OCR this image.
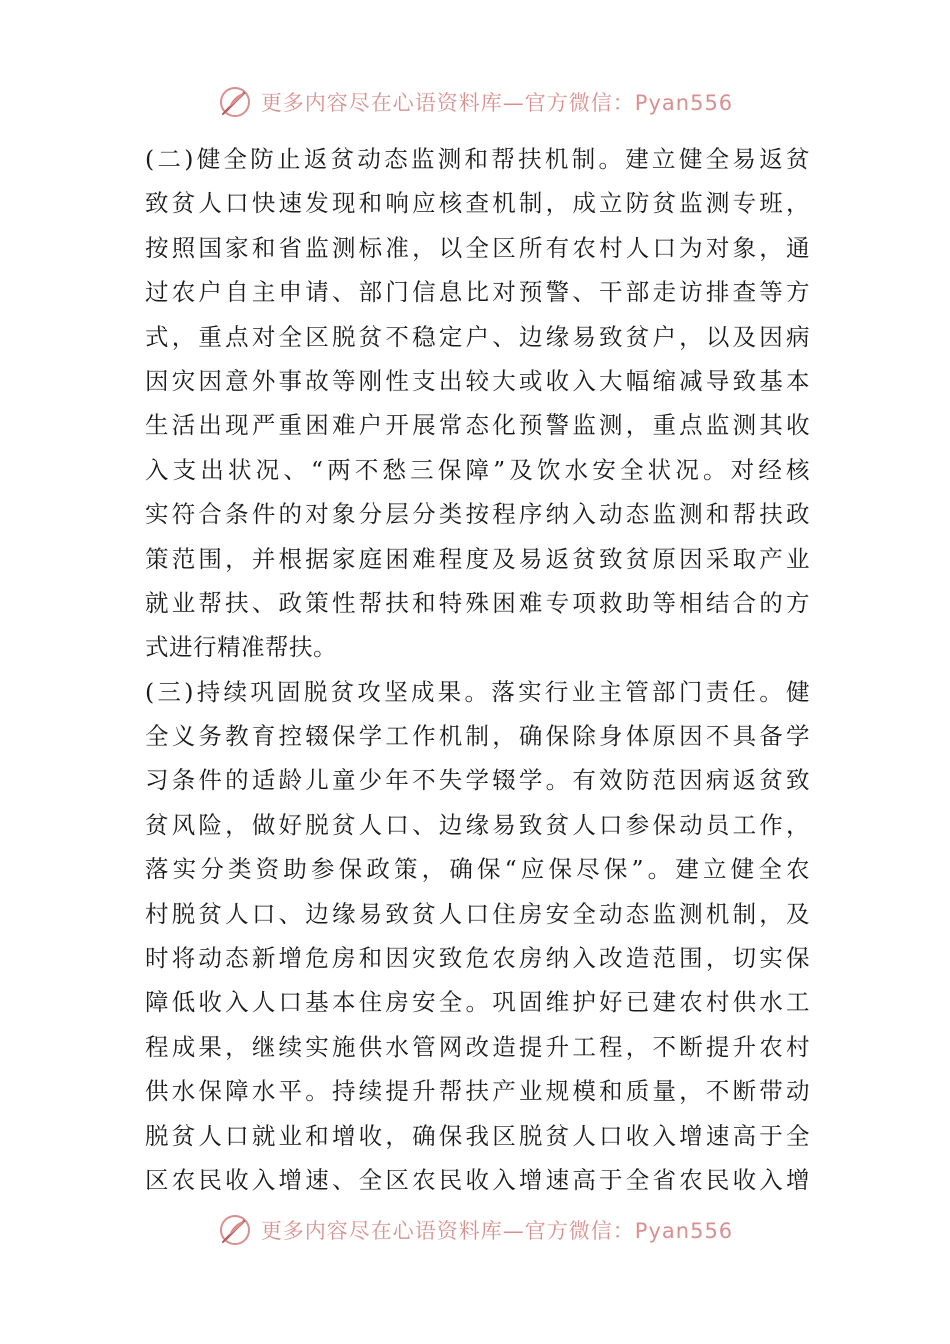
更多内容尽在心语资料库—官方微信：Pyan556
(二)健全防止返贫动态监测和帮扶机制。建立健全易返贫
致贫人口快速发现和响应核查机制，成立防贫监测专班，
按照国家和省监测标准，以全区所有农村人口为对象，通
过农户自主申请、部门信息比对预警、干部走访排查等方
式，重点对全区脱贫不稳定户、边缘易致贫户，以及因病
因灾因意外事故等刚性支出较大或收入大幅缩减导致基本
生活出现严重困难户开展常态化预警监测，重点监测其收
入支出状况、“两不愁三保障”及饮水安全状况。对经核
实符合条件的对象分层分类按程序纳入动态监测和帮扶政
策范围，并根据家庭困难程度及易返贫致贫原因采取产业
就业帮扶、政策性帮扶和特殊困难专项救助等相结合的方
式进行精准帮扶。
(三)持续巩固脱贫攻坚成果。落实行业主管部门责任。健
全义务教育控辍保学工作机制，确保除身体原因不具备学
习条件的适龄儿童少年不失学辍学。有效防范因病返贫致
贫风险，做好脱贫人口、边缘易致贫人口参保动员工作，
落实分类资助参保政策，确保“应保尽保”。建立健全农
村脱贫人口、边缘易致贫人口住房安全动态监测机制，及
时将动态新增危房和因灾致危农房纳入改造范围，切实保
障低收入人口基本住房安全。巩固维护好已建农村供水工
程成果，继续实施供水管网改造提升工程，不断提升农村
供水保障水平。持续提升帮扶产业规模和质量，不断带动
脱贫人口就业和增收，确保我区脱贫人口收入增速高于全
区农民收入增速、全区农民收入增速高于全省农民收入增
更多内容尽在心语资料库—官方微信：Pyan556
